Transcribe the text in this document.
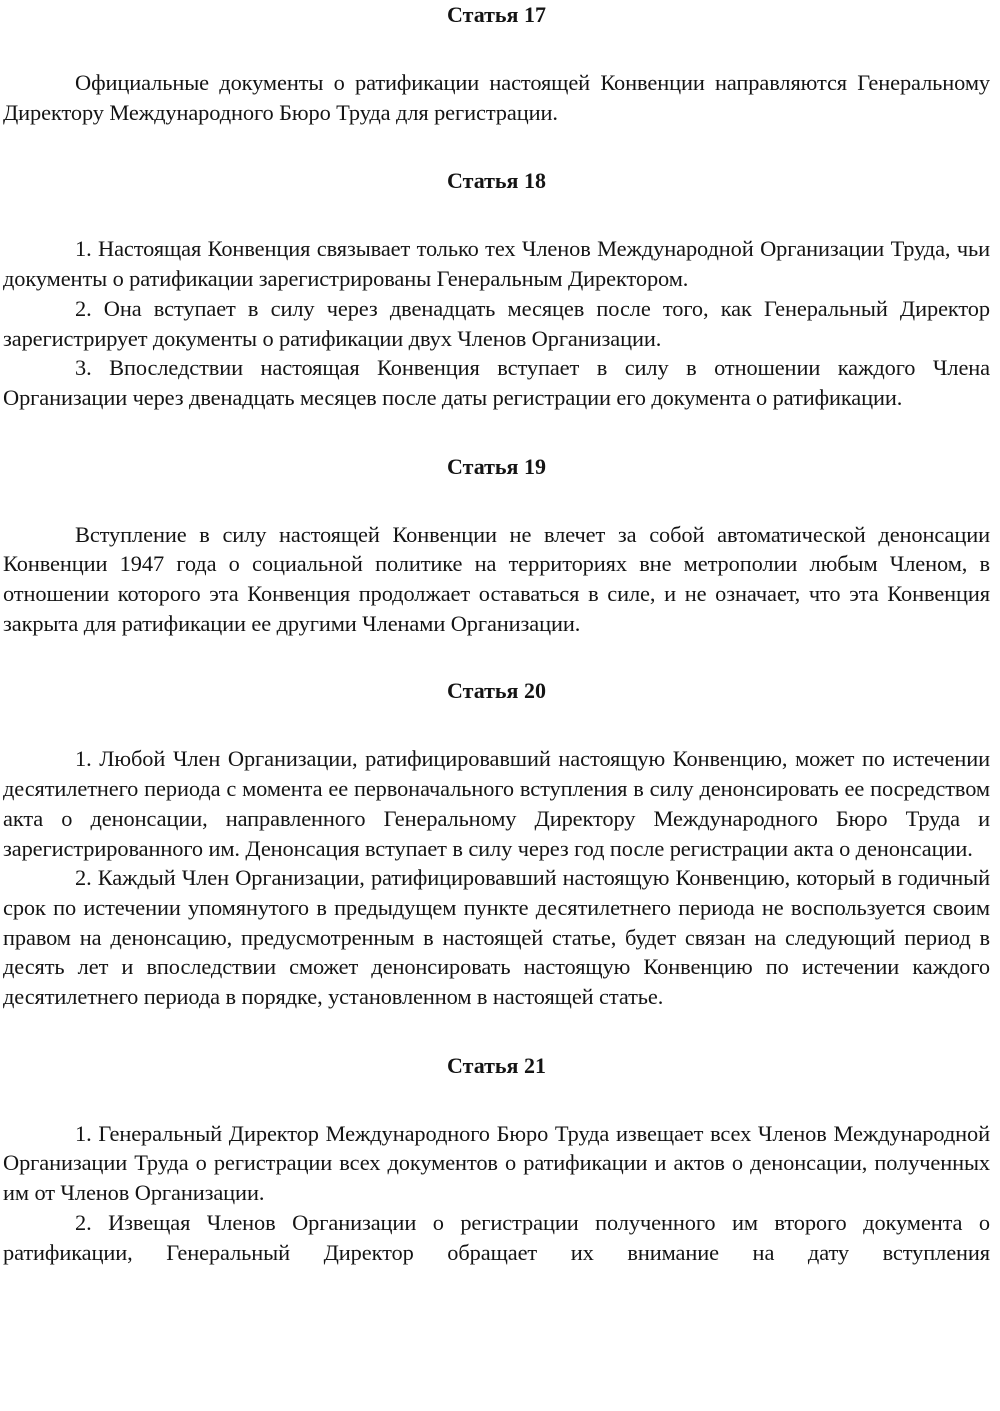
Статья 17

Официальные документы о ратификации настоящей Конвенции направляются Генеральному Директору Международного Бюро Труда для регистрации.

Статья 18

1. Настоящая Конвенция связывает только тех Членов Международной Организации Труда, чьи документы о ратификации зарегистрированы Генеральным Директором.

2. Она вступает в силу через двенадцать месяцев после того, как Генеральный Директор зарегистрирует документы о ратификации двух Членов Организации.

3. Впоследствии настоящая Конвенция вступает в силу в отношении каждого Члена Организации через двенадцать месяцев после даты регистрации его документа о ратификации.

Статья 19

Вступление в силу настоящей Конвенции не влечет за собой автоматической денонсации Конвенции 1947 года о социальной политике на территориях вне метрополии любым Членом, в отношении которого эта Конвенция продолжает оставаться в силе, и не означает, что эта Конвенция закрыта для ратификации ее другими Членами Организации.

Статья 20

1. Любой Член Организации, ратифицировавший настоящую Конвенцию, может по истечении десятилетнего периода с момента ее первоначального вступления в силу денонсировать ее посредством акта о денонсации, направленного Генеральному Директору Международного Бюро Труда и зарегистрированного им. Денонсация вступает в силу через год после регистрации акта о денонсации.

2. Каждый Член Организации, ратифицировавший настоящую Конвенцию, который в годичный срок по истечении упомянутого в предыдущем пункте десятилетнего периода не воспользуется своим правом на денонсацию, предусмотренным в настоящей статье, будет связан на следующий период в десять лет и впоследствии сможет денонсировать настоящую Конвенцию по истечении каждого десятилетнего периода в порядке, установленном в настоящей статье.

Статья 21

1. Генеральный Директор Международного Бюро Труда извещает всех Членов Международной Организации Труда о регистрации всех документов о ратификации и актов о денонсации, полученных им от Членов Организации.

2. Извещая Членов Организации о регистрации полученного им второго документа о ратификации, Генеральный Директор обращает их внимание на дату вступления
